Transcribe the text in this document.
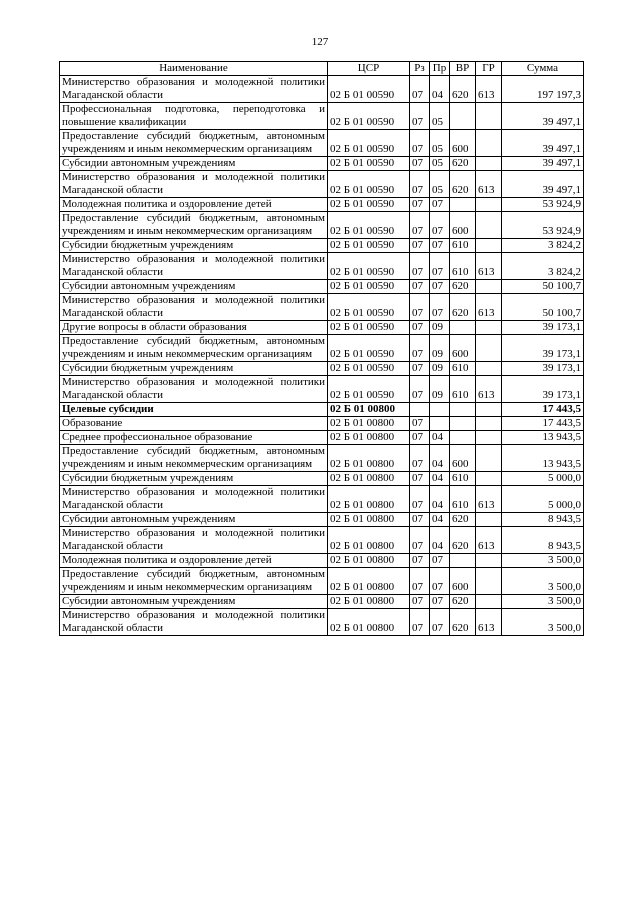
127
Наименование	ЦСР	Рз	Пр	ВР	ГР	Сумма
Министерство образования и молодежной политики Магаданской области	02 Б 01 00590	07	04	620	613	197 197,3
Профессиональная подготовка, переподготовка и повышение квалификации	02 Б 01 00590	07	05			39 497,1
Предоставление субсидий бюджетным, автономным учреждениям и иным некоммерческим организациям	02 Б 01 00590	07	05	600		39 497,1
Субсидии автономным учреждениям	02 Б 01 00590	07	05	620		39 497,1
Министерство образования и молодежной политики Магаданской области	02 Б 01 00590	07	05	620	613	39 497,1
Молодежная политика и оздоровление детей	02 Б 01 00590	07	07			53 924,9
Предоставление субсидий бюджетным, автономным учреждениям и иным некоммерческим организациям	02 Б 01 00590	07	07	600		53 924,9
Субсидии бюджетным учреждениям	02 Б 01 00590	07	07	610		3 824,2
Министерство образования и молодежной политики Магаданской области	02 Б 01 00590	07	07	610	613	3 824,2
Субсидии автономным учреждениям	02 Б 01 00590	07	07	620		50 100,7
Министерство образования и молодежной политики Магаданской области	02 Б 01 00590	07	07	620	613	50 100,7
Другие вопросы в области образования	02 Б 01 00590	07	09			39 173,1
Предоставление субсидий бюджетным, автономным учреждениям и иным некоммерческим организациям	02 Б 01 00590	07	09	600		39 173,1
Субсидии бюджетным учреждениям	02 Б 01 00590	07	09	610		39 173,1
Министерство образования и молодежной политики Магаданской области	02 Б 01 00590	07	09	610	613	39 173,1
Целевые субсидии	02 Б 01 00800					17 443,5
Образование	02 Б 01 00800	07				17 443,5
Среднее профессиональное образование	02 Б 01 00800	07	04			13 943,5
Предоставление субсидий бюджетным, автономным учреждениям и иным некоммерческим организациям	02 Б 01 00800	07	04	600		13 943,5
Субсидии бюджетным учреждениям	02 Б 01 00800	07	04	610		5 000,0
Министерство образования и молодежной политики Магаданской области	02 Б 01 00800	07	04	610	613	5 000,0
Субсидии автономным учреждениям	02 Б 01 00800	07	04	620		8 943,5
Министерство образования и молодежной политики Магаданской области	02 Б 01 00800	07	04	620	613	8 943,5
Молодежная политика и оздоровление детей	02 Б 01 00800	07	07			3 500,0
Предоставление субсидий бюджетным, автономным учреждениям и иным некоммерческим организациям	02 Б 01 00800	07	07	600		3 500,0
Субсидии автономным учреждениям	02 Б 01 00800	07	07	620		3 500,0
Министерство образования и молодежной политики Магаданской области	02 Б 01 00800	07	07	620	613	3 500,0
